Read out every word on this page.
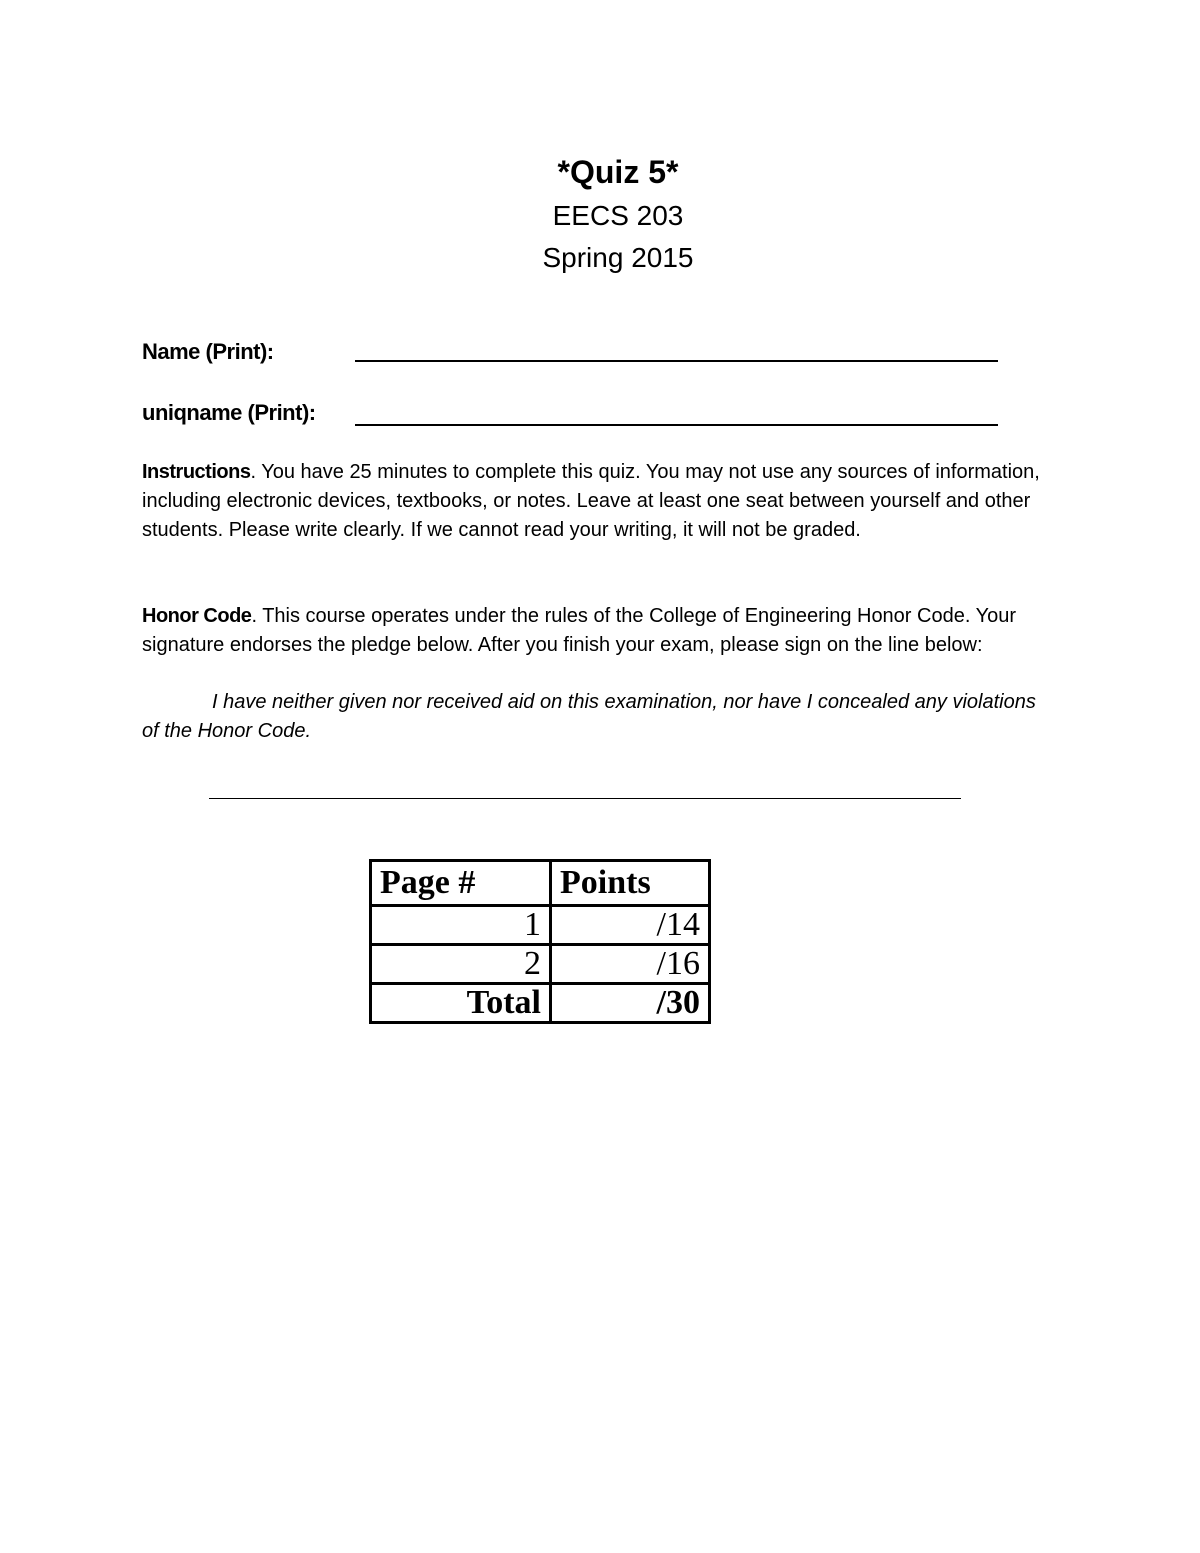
*Quiz 5*
EECS 203
Spring 2015
Name (Print):
uniqname (Print):
Instructions. You have 25 minutes to complete this quiz. You may not use any sources of information, including electronic devices, textbooks, or notes. Leave at least one seat between yourself and other students. Please write clearly. If we cannot read your writing, it will not be graded.
Honor Code. This course operates under the rules of the College of Engineering Honor Code. Your signature endorses the pledge below. After you finish your exam, please sign on the line below:
I have neither given nor received aid on this examination, nor have I concealed any violations of the Honor Code.
Page #	Points
1	/14
2	/16
Total	/30
